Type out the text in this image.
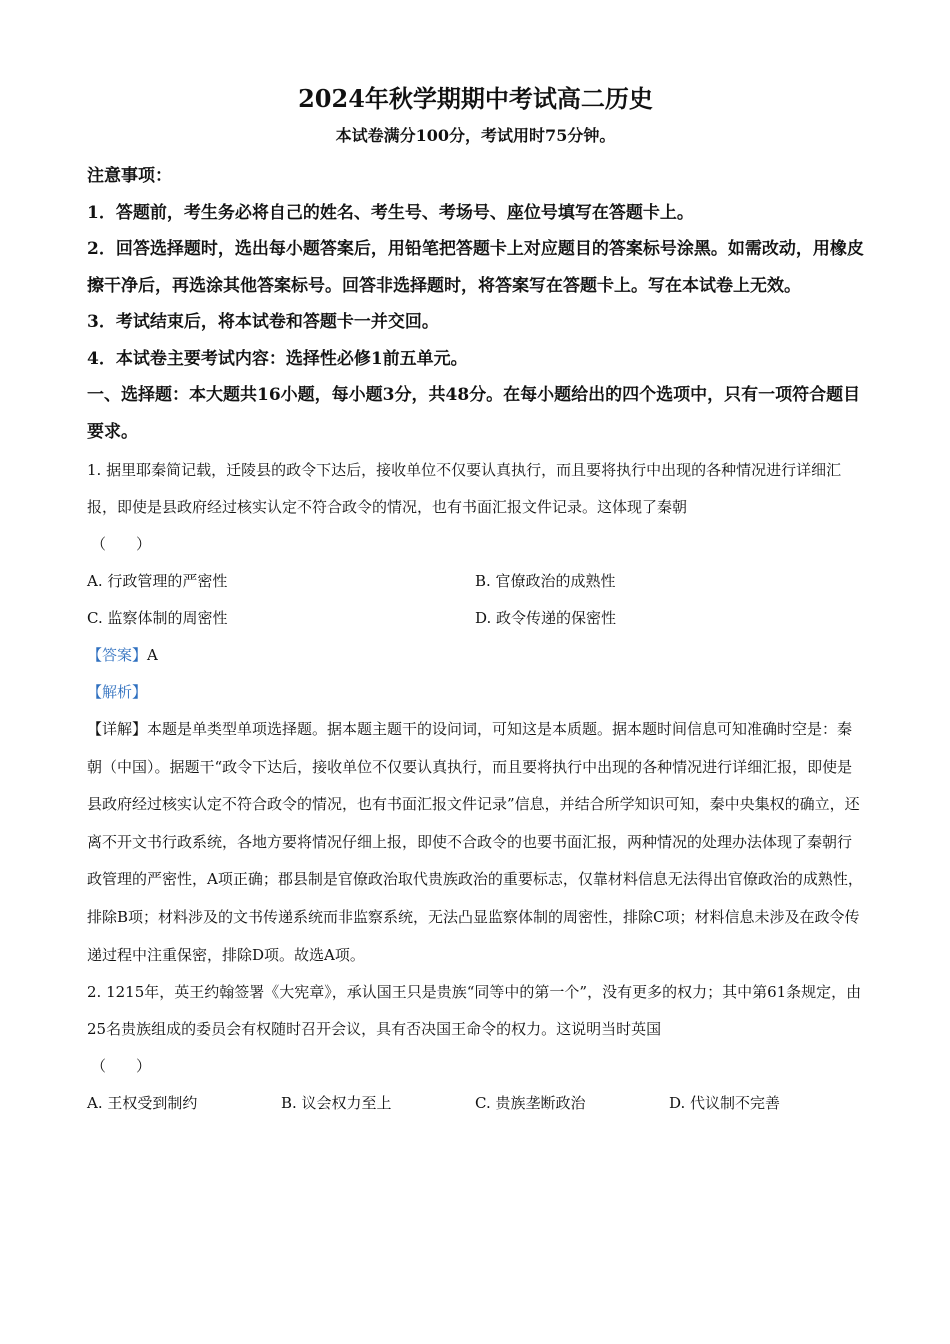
2024年秋学期期中考试高二历史

本试卷满分100分，考试用时75分钟。

注意事项：

1．答题前，考生务必将自己的姓名、考生号、考场号、座位号填写在答题卡上。

2．回答选择题时，选出每小题答案后，用铅笔把答题卡上对应题目的答案标号涂黑。如需改动，用橡皮擦干净后，再选涂其他答案标号。回答非选择题时，将答案写在答题卡上。写在本试卷上无效。

3．考试结束后，将本试卷和答题卡一并交回。

4．本试卷主要考试内容：选择性必修1前五单元。

一、选择题：本大题共16小题，每小题3分，共48分。在每小题给出的四个选项中，只有一项符合题目要求。

1. 据里耶秦简记载，迁陵县的政令下达后，接收单位不仅要认真执行，而且要将执行中出现的各种情况进行详细汇报，即使是县政府经过核实认定不符合政令的情况，也有书面汇报文件记录。这体现了秦朝

（　　）

A. 行政管理的严密性	B. 官僚政治的成熟性
C. 监察体制的周密性	D. 政令传递的保密性

【答案】A

【解析】

【详解】本题是单类型单项选择题。据本题主题干的设问词，可知这是本质题。据本题时间信息可知准确时空是：秦朝（中国）。据题干“政令下达后，接收单位不仅要认真执行，而且要将执行中出现的各种情况进行详细汇报，即使是县政府经过核实认定不符合政令的情况，也有书面汇报文件记录”信息，并结合所学知识可知，秦中央集权的确立，还离不开文书行政系统，各地方要将情况仔细上报，即使不合政令的也要书面汇报，两种情况的处理办法体现了秦朝行政管理的严密性，A项正确；郡县制是官僚政治取代贵族政治的重要标志，仅靠材料信息无法得出官僚政治的成熟性，排除B项；材料涉及的文书传递系统而非监察系统，无法凸显监察体制的周密性，排除C项；材料信息未涉及在政令传递过程中注重保密，排除D项。故选A项。

2. 1215年，英王约翰签署《大宪章》，承认国王只是贵族“同等中的第一个”，没有更多的权力；其中第61条规定，由25名贵族组成的委员会有权随时召开会议，具有否决国王命令的权力。这说明当时英国

（　　）

A. 王权受到制约	B. 议会权力至上	C. 贵族垄断政治	D. 代议制不完善
